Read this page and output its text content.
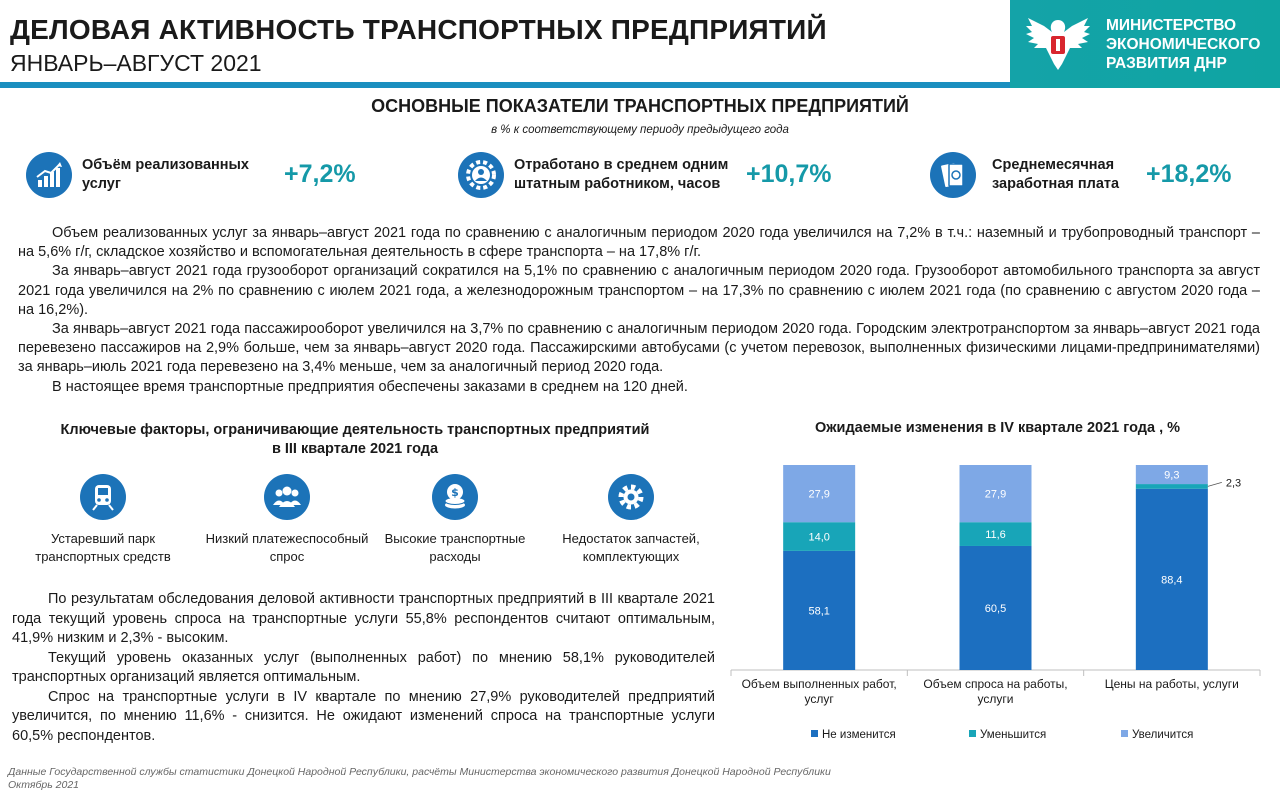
ДЕЛОВАЯ АКТИВНОСТЬ ТРАНСПОРТНЫХ ПРЕДПРИЯТИЙ
ЯНВАРЬ–АВГУСТ 2021
МИНИСТЕРСТВО
ЭКОНОМИЧЕСКОГО
РАЗВИТИЯ ДНР
ОСНОВНЫЕ ПОКАЗАТЕЛИ ТРАНСПОРТНЫХ ПРЕДПРИЯТИЙ
в % к соответствующему периоду предыдущего года
Объём реализованных
услуг	+7,2%	Отработано в среднем одним
штатным работником, часов	+10,7%	Среднемесячная
заработная плата +18,2%

Объем реализованных услуг за январь–август 2021 года по сравнению с аналогичным периодом 2020 года увеличился на 7,2% в т.ч.: наземный и трубопроводный транспорт – на 5,6% г/г, складское хозяйство и вспомогательная деятельность в сфере транспорта – на 17,8% г/г.

За январь–август 2021 года грузооборот организаций сократился на 5,1% по сравнению с аналогичным периодом 2020 года. Грузооборот автомобильного транспорта за август 2021 года увеличился на 2% по сравнению с июлем 2021 года, а железнодорожным транспортом – на 17,3% по сравнению с июлем 2021 года (по сравнению с августом 2020 года – на 16,2%).

За январь–август 2021 года пассажирооборот увеличился на 3,7% по сравнению с аналогичным периодом 2020 года. Городским электротранспортом за январь–август 2021 года перевезено пассажиров на 2,9% больше, чем за январь–август 2020 года. Пассажирскими автобусами (с учетом перевозок, выполненных физическими лицами-предпринимателями) за январь–июль 2021 года перевезено на 3,4% меньше, чем за аналогичный период 2020 года.

В настоящее время транспортные предприятия обеспечены заказами в среднем на 120 дней.

Ключевые факторы, ограничивающие деятельность транспортных предприятий
в III квартале 2021 года
Устаревший парк транспортных средств
Низкий платежеспособный спрос
$
Высокие транспортные расходы
Недостаток запчастей, комплектующих

По результатам обследования деловой активности транспортных предприятий в III квартале 2021 года текущий уровень спроса на транспортные услуги 55,8% респондентов считают оптимальным, 41,9% низким и 2,3% - высоким.

Текущий уровень оказанных услуг (выполненных работ) по мнению 58,1% руководителей транспортных организаций является оптимальным.

Спрос на транспортные услуги в IV квартале по мнению 27,9% руководителей предприятий увеличится, по мнению 11,6% - снизится. Не ожидают изменений спроса на транспортные услуги 60,5% респондентов.

Ожидаемые изменения в IV квартале 2021 года , %
58,1
14,0
27,9
Объем выполненных работ,
услуг
60,5
11,6
27,9
Объем спроса на работы,
услуги
88,4
2,3
9,3
Цены на работы, услуги
Не изменится	Уменьшится	Увеличится
Данные Государственной службы статистики Донецкой Народной Республики, расчёты Министерства экономического развития Донецкой Народной Республики
Октябрь 2021
